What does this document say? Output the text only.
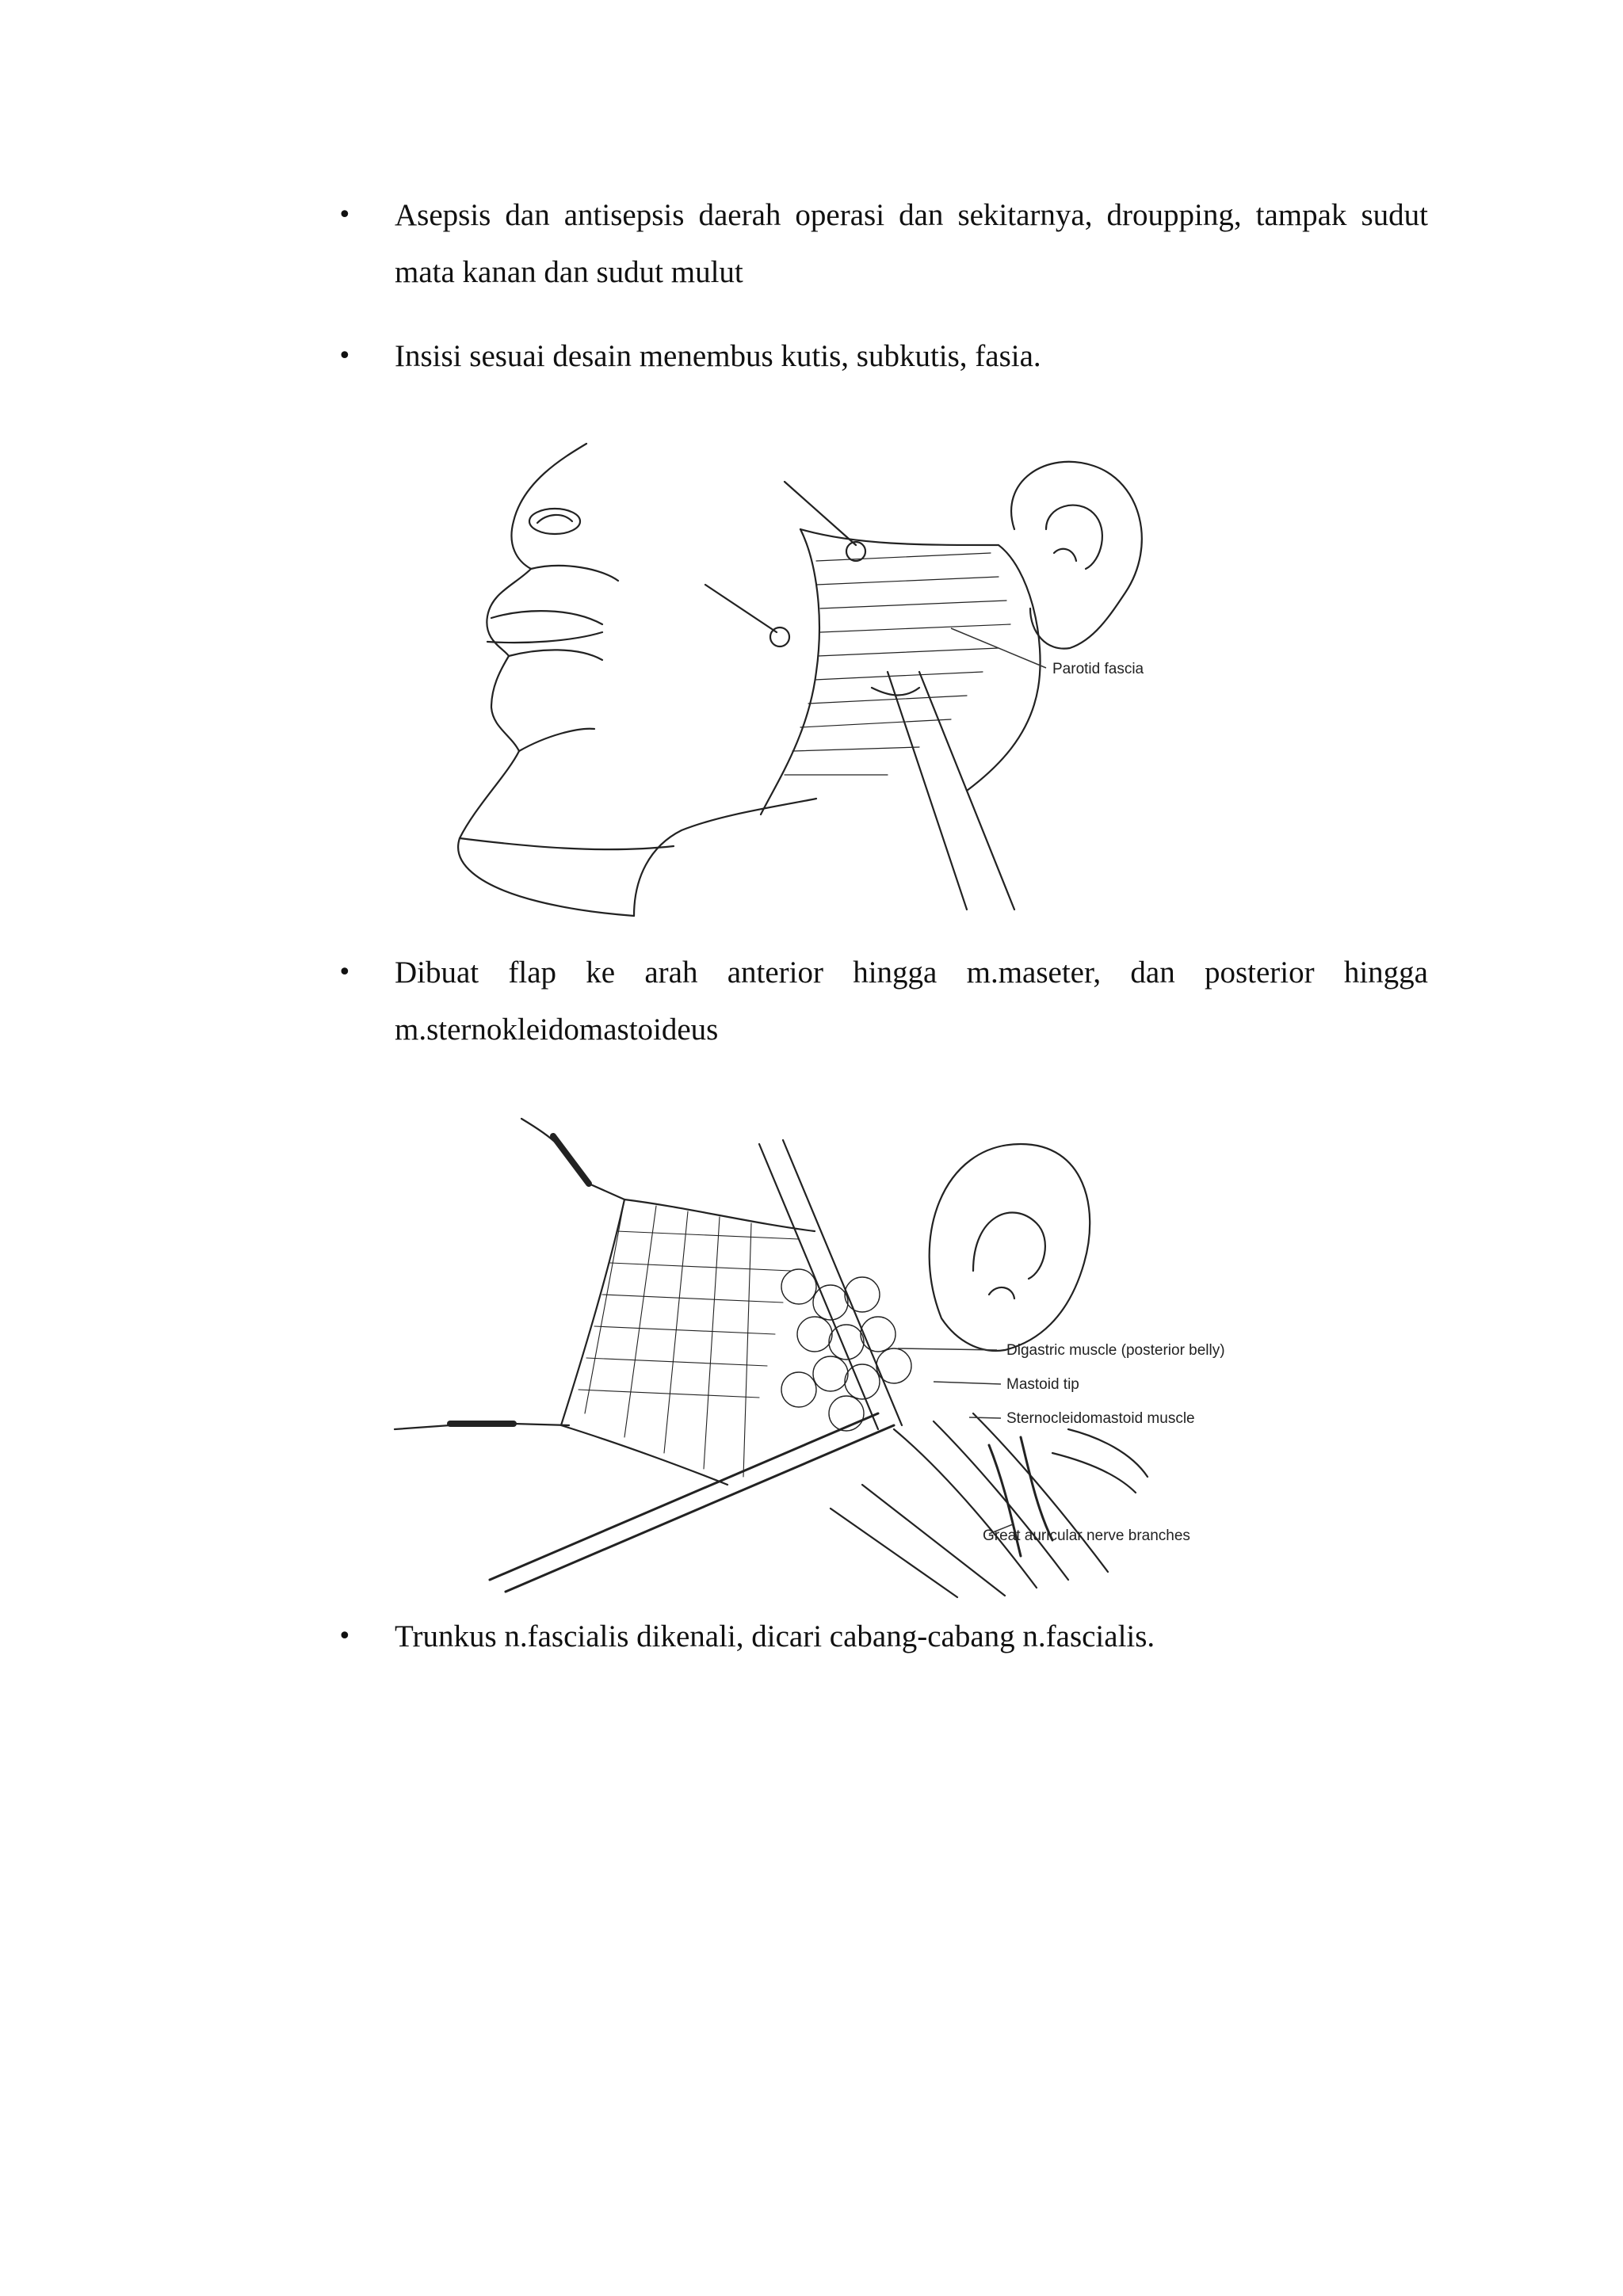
• Asepsis dan antisepsis daerah operasi dan sekitarnya, droupping, tampak sudut mata kanan dan sudut mulut
• Insisi sesuai desain menembus kutis, subkutis, fasia.
Parotid fascia
• Dibuat flap ke arah anterior hingga m.maseter, dan posterior hingga m.sternokleidomastoideus
Digastric muscle (posterior belly)
Mastoid tip
Sternocleidomastoid muscle
Great auricular nerve branches
• Trunkus n.fascialis dikenali, dicari cabang-cabang n.fascialis.
